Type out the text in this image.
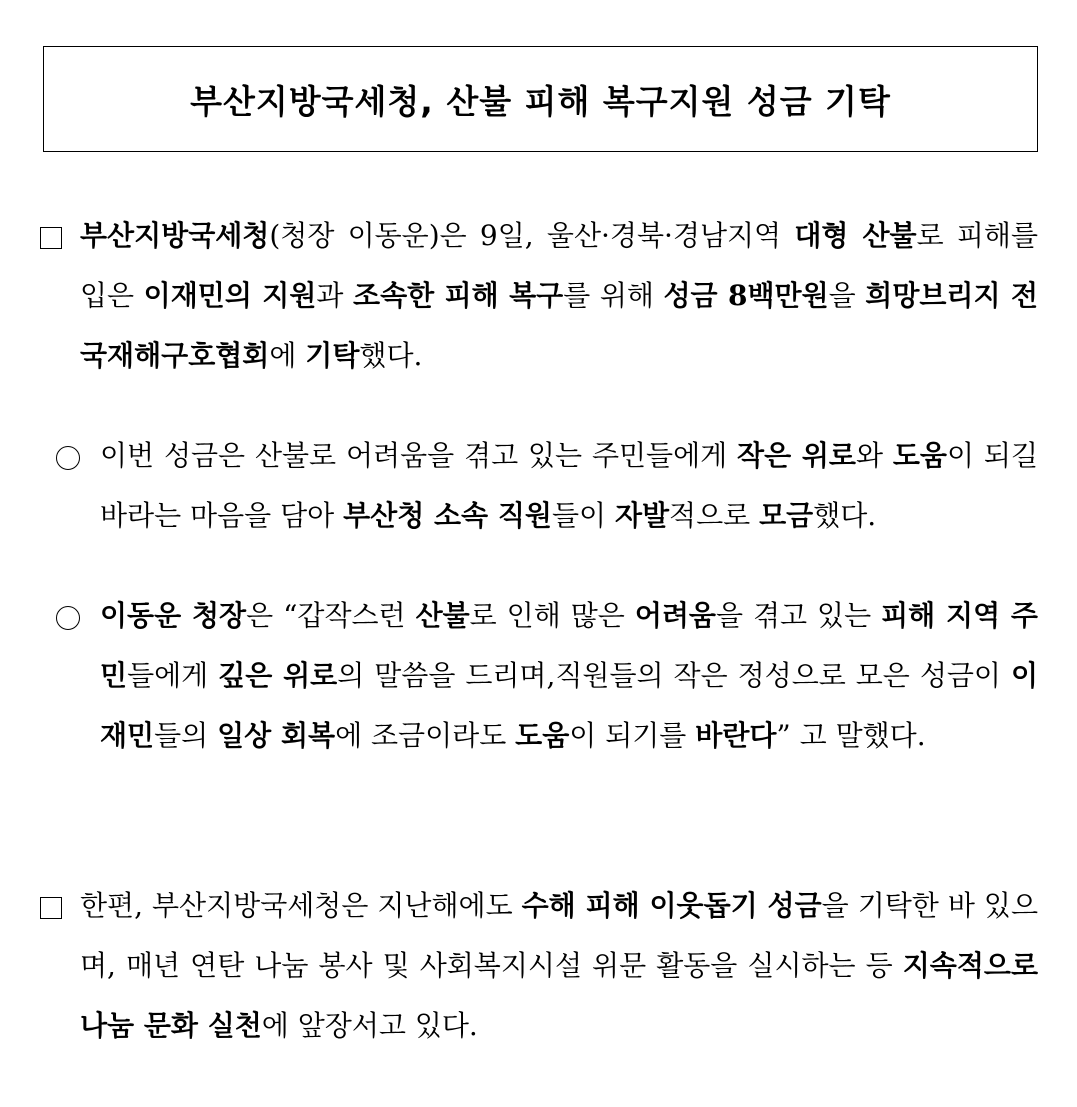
부산지방국세청, 산불 피해 복구지원 성금 기탁
부산지방국세청(청장 이동운)은 9일, 울산·경북·경남지역 대형 산불로 피해를 입은 이재민의 지원과 조속한 피해 복구를 위해 성금 8백만원을 희망브리지 전국재해구호협회에 기탁했다.
이번 성금은 산불로 어려움을 겪고 있는 주민들에게 작은 위로와 도움이 되길 바라는 마음을 담아 부산청 소속 직원들이 자발적으로 모금했다.
이동운 청장은 “갑작스런 산불로 인해 많은 어려움을 겪고 있는 피해 지역 주민들에게 깊은 위로의 말씀을 드리며,직원들의 작은 정성으로 모은 성금이 이재민들의 일상 회복에 조금이라도 도움이 되기를 바란다” 고 말했다.
한편, 부산지방국세청은 지난해에도 수해 피해 이웃돕기 성금을 기탁한 바 있으며, 매년 연탄 나눔 봉사 및 사회복지시설 위문 활동을 실시하는 등 지속적으로 나눔 문화 실천에 앞장서고 있다.
